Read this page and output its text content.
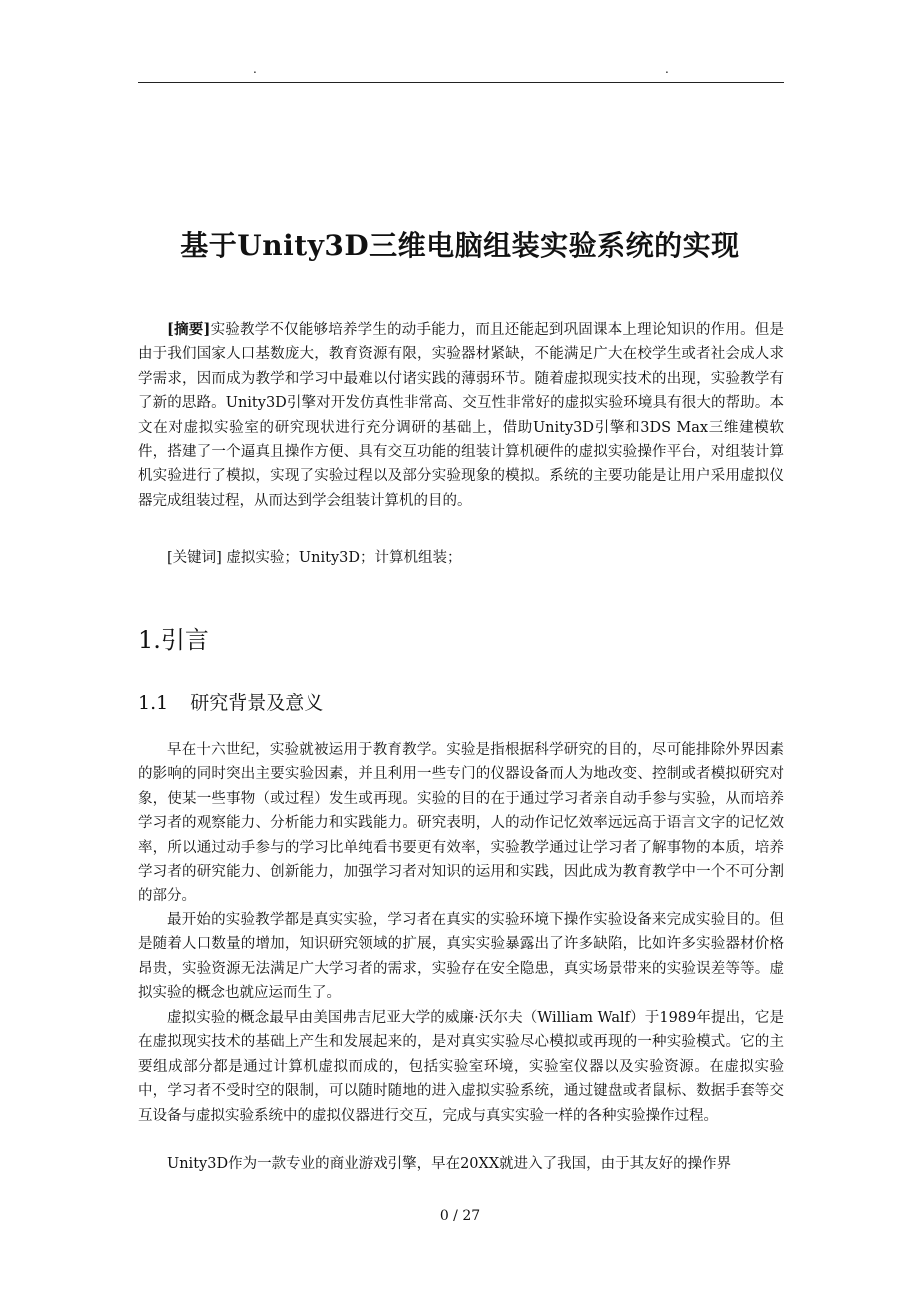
.	.
基于Unity3D三维电脑组装实验系统的实现

[摘要]实验教学不仅能够培养学生的动手能力，而且还能起到巩固课本上理论知识的作用。但是由于我们国家人口基数庞大，教育资源有限，实验器材紧缺，不能满足广大在校学生或者社会成人求学需求，因而成为教学和学习中最难以付诸实践的薄弱环节。随着虚拟现实技术的出现，实验教学有了新的思路。Unity3D引擎对开发仿真性非常高、交互性非常好的虚拟实验环境具有很大的帮助。本文在对虚拟实验室的研究现状进行充分调研的基础上，借助Unity3D引擎和3DS Max三维建模软件，搭建了一个逼真且操作方便、具有交互功能的组装计算机硬件的虚拟实验操作平台，对组装计算机实验进行了模拟，实现了实验过程以及部分实验现象的模拟。系统的主要功能是让用户采用虚拟仪器完成组装过程，从而达到学会组装计算机的目的。

[关键词] 虚拟实验；Unity3D；计算机组装；

1.引言
1.1 研究背景及意义

早在十六世纪，实验就被运用于教育教学。实验是指根据科学研究的目的，尽可能排除外界因素的影响的同时突出主要实验因素，并且利用一些专门的仪器设备而人为地改变、控制或者模拟研究对象，使某一些事物（或过程）发生或再现。实验的目的在于通过学习者亲自动手参与实验，从而培养学习者的观察能力、分析能力和实践能力。研究表明，人的动作记忆效率远远高于语言文字的记忆效率，所以通过动手参与的学习比单纯看书要更有效率，实验教学通过让学习者了解事物的本质，培养学习者的研究能力、创新能力，加强学习者对知识的运用和实践，因此成为教育教学中一个不可分割的部分。

最开始的实验教学都是真实实验，学习者在真实的实验环境下操作实验设备来完成实验目的。但是随着人口数量的增加，知识研究领域的扩展，真实实验暴露出了许多缺陷，比如许多实验器材价格昂贵，实验资源无法满足广大学习者的需求，实验存在安全隐患，真实场景带来的实验误差等等。虚拟实验的概念也就应运而生了。

虚拟实验的概念最早由美国弗吉尼亚大学的威廉·沃尔夫（William Walf）于1989年提出，它是在虚拟现实技术的基础上产生和发展起来的，是对真实实验尽心模拟或再现的一种实验模式。它的主要组成部分都是通过计算机虚拟而成的，包括实验室环境，实验室仪器以及实验资源。在虚拟实验中，学习者不受时空的限制，可以随时随地的进入虚拟实验系统，通过键盘或者鼠标、数据手套等交互设备与虚拟实验系统中的虚拟仪器进行交互，完成与真实实验一样的各种实验操作过程。

Unity3D作为一款专业的商业游戏引擎，早在20XX就进入了我国，由于其友好的操作界

0 / 27
